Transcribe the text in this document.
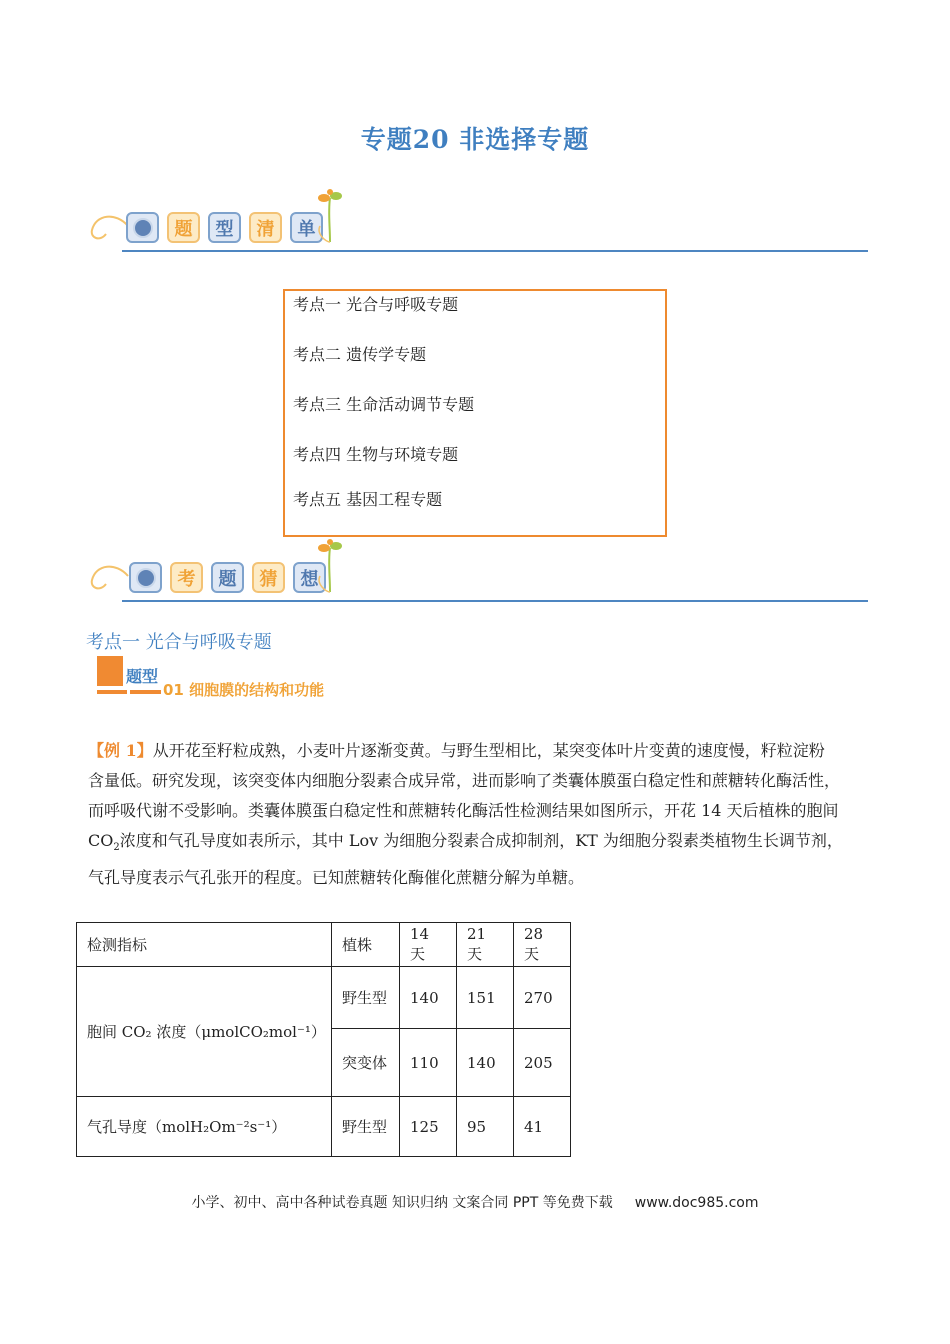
专题20 非选择专题
题	型	清	单
考点一 光合与呼吸专题
考点二 遗传学专题
考点三 生命活动调节专题
考点四 生物与环境专题
考点五 基因工程专题
考	题	猜	想
考点一 光合与呼吸专题
题型
01 细胞膜的结构和功能

【例 1】从开花至籽粒成熟，小麦叶片逐渐变黄。与野生型相比，某突变体叶片变黄的速度慢，籽粒淀粉

含量低。研究发现，该突变体内细胞分裂素合成异常，进而影响了类囊体膜蛋白稳定性和蔗糖转化酶活性，

而呼吸代谢不受影响。类囊体膜蛋白稳定性和蔗糖转化酶活性检测结果如图所示，开花 14 天后植株的胞间

$CO_2$浓度和气孔导度如表所示，其中 Lov 为细胞分裂素合成抑制剂，KT 为细胞分裂素类植物生长调节剂，

气孔导度表示气孔张开的程度。已知蔗糖转化酶催化蔗糖分解为单糖。

检测指标	植株	14 天	21 天	28 天
胞间 CO₂ 浓度（μmolCO₂mol⁻¹）	野生型	140	151	270
	突变体	110	140	205
气孔导度（molH₂Om⁻²s⁻¹）	野生型	125	95	41
小学、初中、高中各种试卷真题 知识归纳 文案合同 PPT 等免费下载 www.doc985.com
